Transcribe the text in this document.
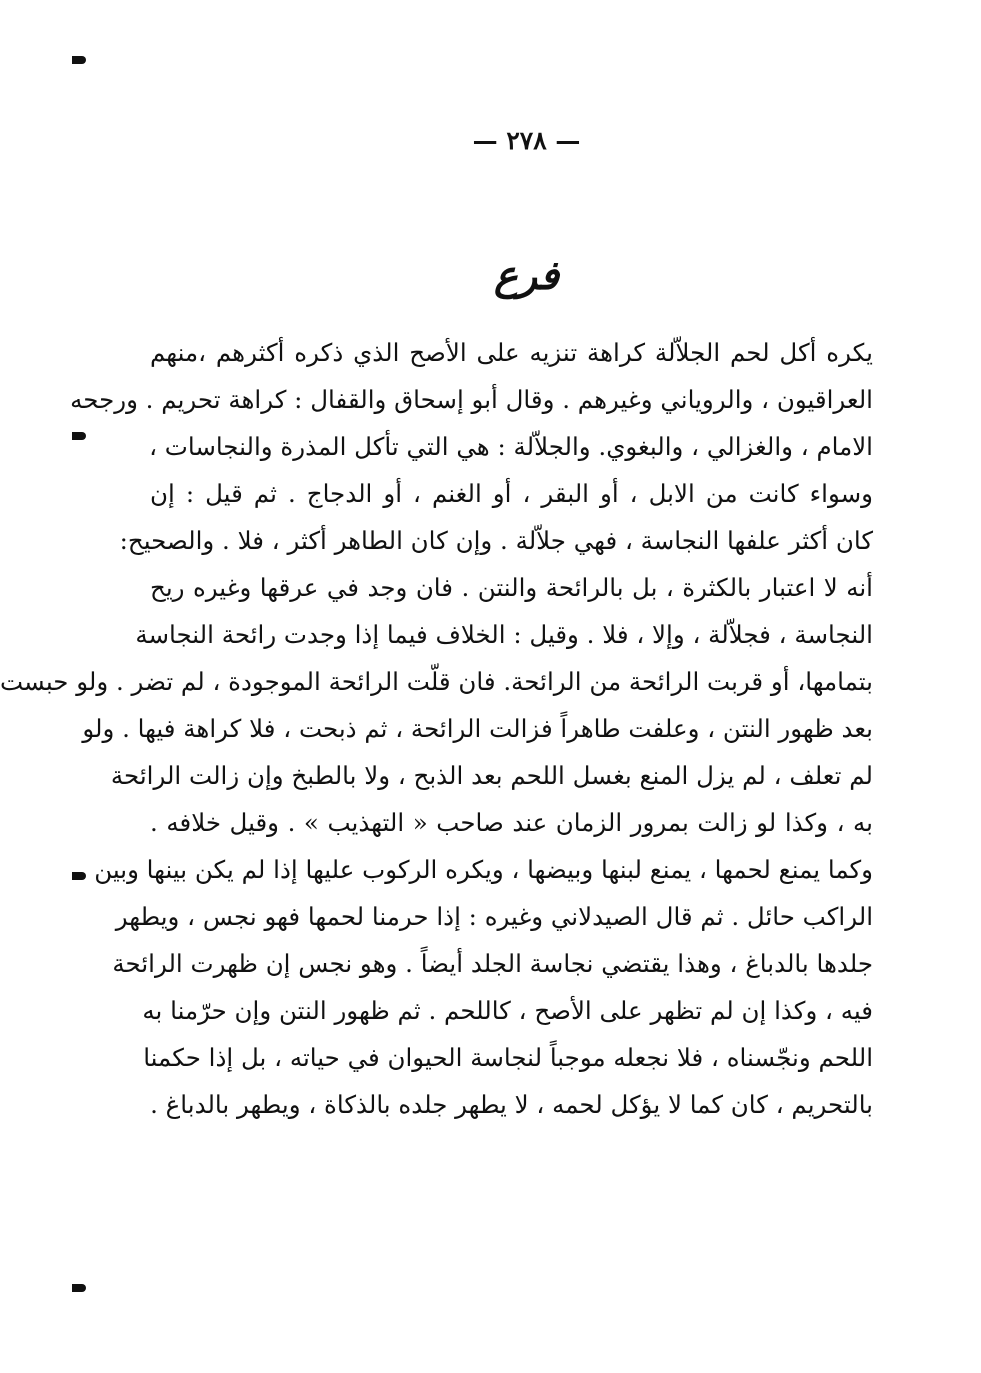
— ٢٧٨ —
فرع
يكره أكل لحم الجلاّلة كراهة تنزيه على الأصح الذي ذكره أكثرهم ،منهم
العراقيون ، والروياني وغيرهم . وقال أبو إسحاق والقفال : كراهة تحريم . ورجحه
الامام ، والغزالي ، والبغوي. والجلاّلة : هي التي تأكل المذرة والنجاسات ،
وسواء كانت من الابل ، أو البقر ، أو الغنم ، أو الدجاج . ثم قيل : إن
كان أكثر علفها النجاسة ، فهي جلاّلة . وإن كان الطاهر أكثر ، فلا . والصحيح:
أنه لا اعتبار بالكثرة ، بل بالرائحة والنتن . فان وجد في عرقها وغيره ريح
النجاسة ، فجلاّلة ، وإلا ، فلا . وقيل : الخلاف فيما إذا وجدت رائحة النجاسة
بتمامها، أو قربت الرائحة من الرائحة. فان قلّت الرائحة الموجودة ، لم تضر . ولو حبست
بعد ظهور النتن ، وعلفت طاهراً فزالت الرائحة ، ثم ذبحت ، فلا كراهة فيها . ولو
لم تعلف ، لم يزل المنع بغسل اللحم بعد الذبح ، ولا بالطبخ وإن زالت الرائحة
به ، وكذا لو زالت بمرور الزمان عند صاحب « التهذيب » . وقيل خلافه .
وكما يمنع لحمها ، يمنع لبنها وبيضها ، ويكره الركوب عليها إذا لم يكن بينها وبين
الراكب حائل . ثم قال الصيدلاني وغيره : إذا حرمنا لحمها فهو نجس ، ويطهر
جلدها بالدباغ ، وهذا يقتضي نجاسة الجلد أيضاً . وهو نجس إن ظهرت الرائحة
فيه ، وكذا إن لم تظهر على الأصح ، كاللحم . ثم ظهور النتن وإن حرّمنا به
اللحم ونجّسناه ، فلا نجعله موجباً لنجاسة الحيوان في حياته ، بل إذا حكمنا
بالتحريم ، كان كما لا يؤكل لحمه ، لا يطهر جلده بالذكاة ، ويطهر بالدباغ .
